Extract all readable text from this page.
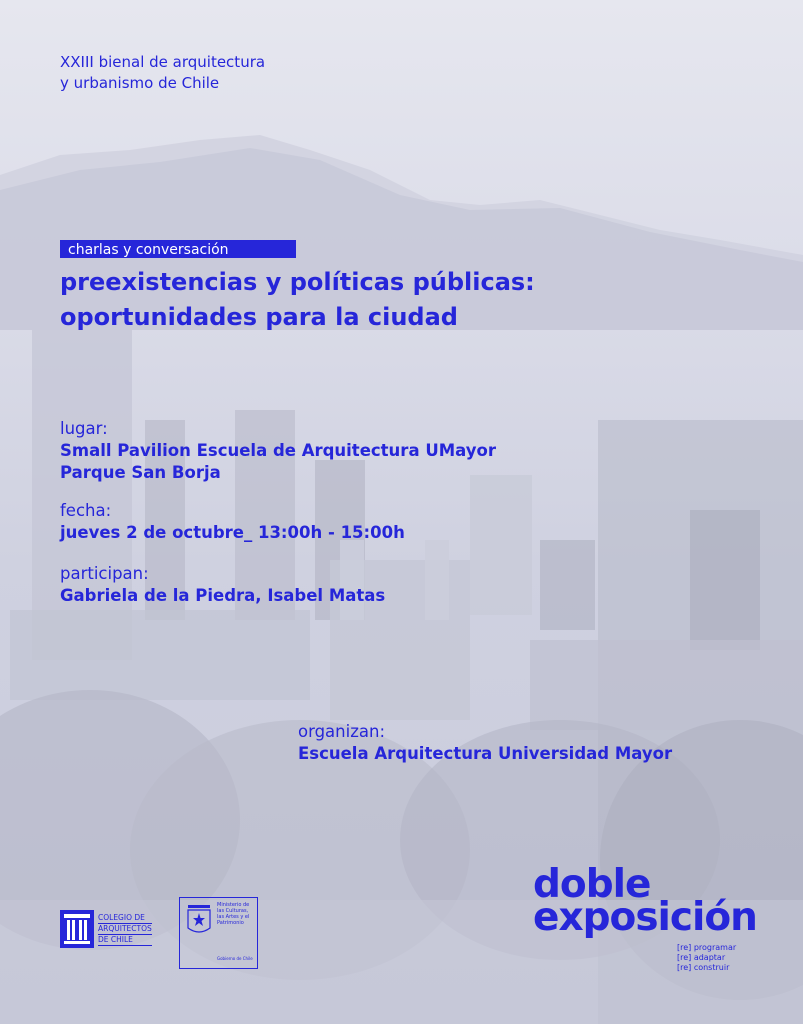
XXIII bienal de arquitectura
y urbanismo de Chile
charlas y conversación
preexistencias y políticas públicas:
oportunidades para la ciudad
lugar:
Small Pavilion Escuela de Arquitectura UMayor
Parque San Borja
fecha:
jueves 2 de octubre_ 13:00h - 15:00h
participan:
Gabriela de la Piedra, Isabel Matas
organizan:
Escuela Arquitectura Universidad Mayor
COLEGIO DE
ARQUITECTOS
DE CHILE
Ministerio de
las Culturas,
las Artes y el
Patrimonio
Gobierno de Chile
doble
exposición
[re] programar
[re] adaptar
[re] construir
